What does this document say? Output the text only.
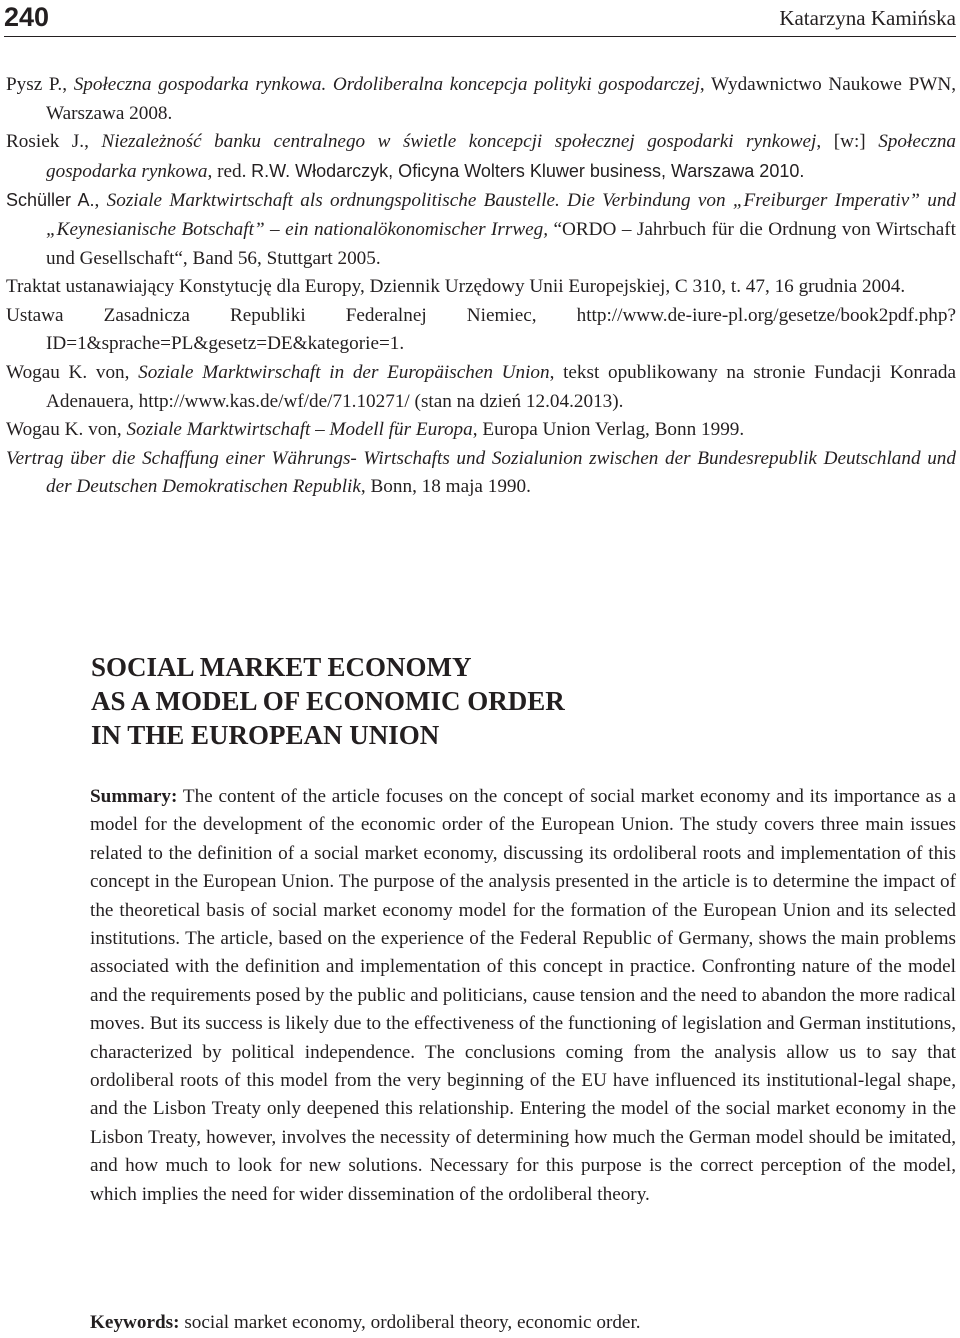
240	Katarzyna Kamińska

Pysz P., Społeczna gospodarka rynkowa. Ordoliberalna koncepcja polityki gospodarczej, Wydawnictwo Naukowe PWN, Warszawa 2008.

Rosiek J., Niezależność banku centralnego w świetle koncepcji społecznej gospodarki rynkowej, [w:] Społeczna gospodarka rynkowa, red. R.W. Włodarczyk, Oficyna Wolters Kluwer business, Warszawa 2010.

Schüller A., Soziale Marktwirtschaft als ordnungspolitische Baustelle. Die Verbindung von „Freiburger Imperativ” und „Keynesianische Botschaft” – ein nationalökonomischer Irrweg, “ORDO – Jahrbuch für die Ordnung von Wirtschaft und Gesellschaft“, Band 56, Stuttgart 2005.

Traktat ustanawiający Konstytucję dla Europy, Dziennik Urzędowy Unii Europejskiej, C 310, t. 47, 16 grudnia 2004.

Ustawa Zasadnicza Republiki Federalnej Niemiec, http://www.de-iure-pl.org/gesetze/book2pdf.php?ID=1&sprache=PL&gesetz=DE&kategorie=1.

Wogau K. von, Soziale Marktwirschaft in der Europäischen Union, tekst opublikowany na stronie Fundacji Konrada Adenauera, http://www.kas.de/wf/de/71.10271/ (stan na dzień 12.04.2013).

Wogau K. von, Soziale Marktwirtschaft – Modell für Europa, Europa Union Verlag, Bonn 1999.

Vertrag über die Schaffung einer Währungs- Wirtschafts und Sozialunion zwischen der Bundesrepublik Deutschland und der Deutschen Demokratischen Republik, Bonn, 18 maja 1990.

SOCIAL MARKET ECONOMY
AS A MODEL OF ECONOMIC ORDER
IN THE EUROPEAN UNION

Summary: The content of the article focuses on the concept of social market economy and its importance as a model for the development of the economic order of the European Union. The study covers three main issues related to the definition of a social market economy, discussing its ordoliberal roots and implementation of this concept in the European Union. The purpose of the analysis presented in the article is to determine the impact of the theoretical basis of social market economy model for the formation of the European Union and its selected institutions. The article, based on the experience of the Federal Republic of Germany, shows the main problems associated with the definition and implementation of this concept in practice. Confronting nature of the model and the requirements posed by the public and politicians, cause tension and the need to abandon the more radical moves. But its success is likely due to the effectiveness of the functioning of legislation and German institutions, characterized by political independence. The conclusions coming from the analysis allow us to say that ordoliberal roots of this model from the very beginning of the EU have influenced its institutional-legal shape, and the Lisbon Treaty only deepened this relationship. Entering the model of the social market economy in the Lisbon Treaty, however, involves the necessity of determining how much the German model should be imitated, and how much to look for new solutions. Necessary for this purpose is the correct perception of the model, which implies the need for wider dissemination of the ordoliberal theory.

Keywords: social market economy, ordoliberal theory, economic order.
